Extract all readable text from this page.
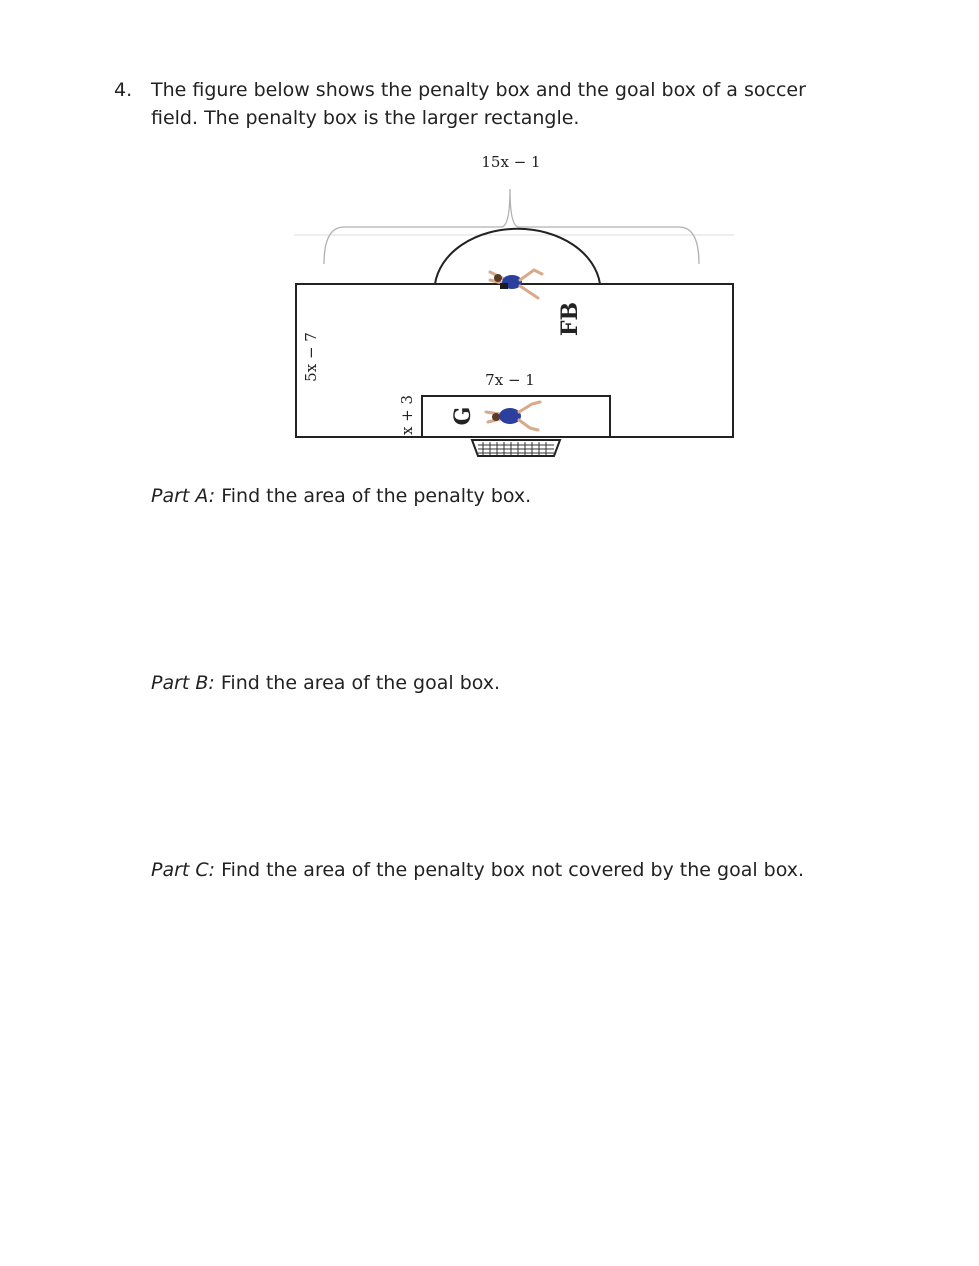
4. The figure below shows the penalty box and the goal box of a soccer
field. The penalty box is the larger rectangle.
15x − 1
5x − 7
x + 3
7x − 1
FB
G
Part A: Find the area of the penalty box.
Part B: Find the area of the goal box.
Part C: Find the area of the penalty box not covered by the goal box.
